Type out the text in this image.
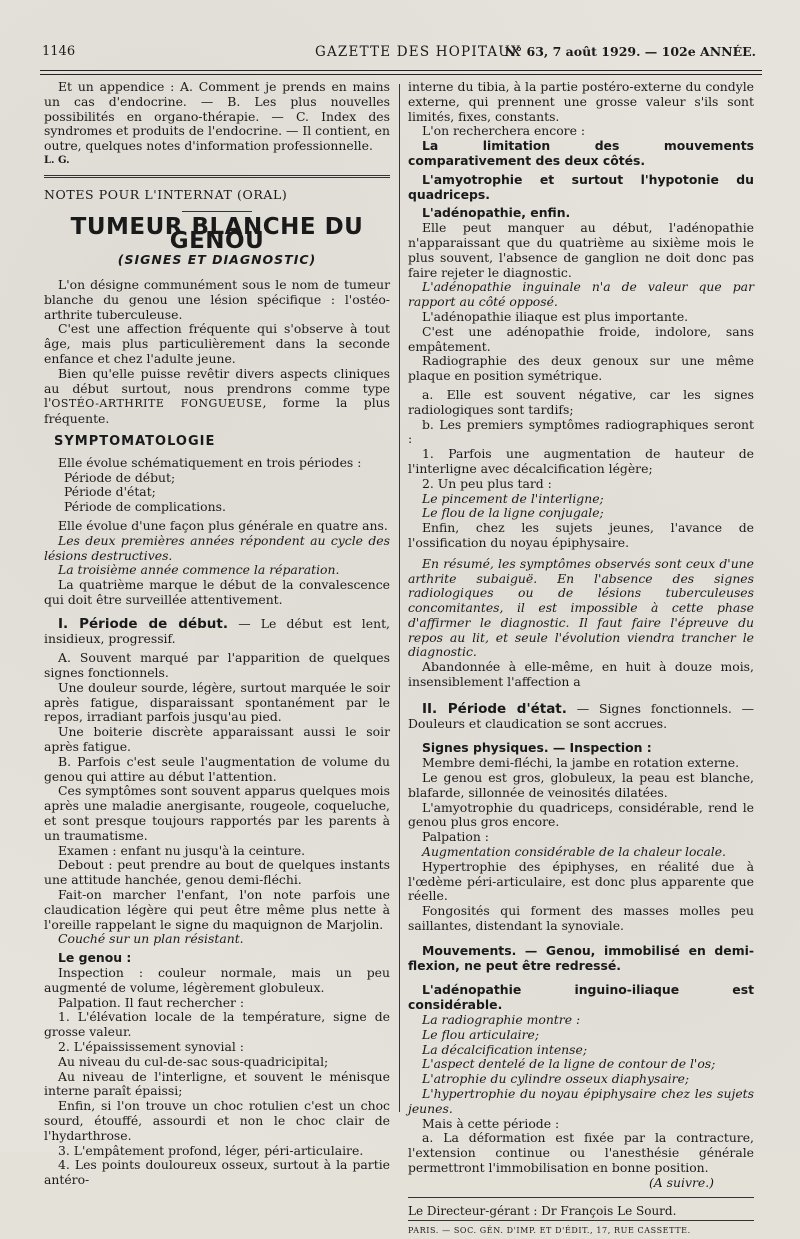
1146	GAZETTE DES HOPITAUX
N° 63, 7 août 1929. — 102e ANNÉE.

Et un appendice : A. Comment je prends en mains un cas d'endocrine. — B. Les plus nouvelles possibilités en organo-thérapie. — C. Index des syndromes et produits de l'endocrine. — Il contient, en outre, quelques notes d'information professionnelle.

L. G.

NOTES POUR L'INTERNAT (ORAL)

TUMEUR BLANCHE DU GENOU

(SIGNES ET DIAGNOSTIC)

L'on désigne communément sous le nom de tumeur blanche du genou une lésion spécifique : l'ostéo-arthrite tuberculeuse.

C'est une affection fréquente qui s'observe à tout âge, mais plus particulièrement dans la seconde enfance et chez l'adulte jeune.

Bien qu'elle puisse revêtir divers aspects cliniques au début surtout, nous prendrons comme type l'OSTÉO-ARTHRITE FONGUEUSE, forme la plus fréquente.

SYMPTOMATOLOGIE

Elle évolue schématiquement en trois périodes :

Période de début;

Période d'état;

Période de complications.

Elle évolue d'une façon plus générale en quatre ans.

Les deux premières années répondent au cycle des lésions destructives.

La troisième année commence la réparation.

La quatrième marque le début de la convalescence qui doit être surveillée attentivement.

I. Période de début. — Le début est lent, insidieux, progressif.

A. Souvent marqué par l'apparition de quelques signes fonctionnels.

Une douleur sourde, légère, surtout marquée le soir après fatigue, disparaissant spontanément par le repos, irradiant parfois jusqu'au pied.

Une boiterie discrète apparaissant aussi le soir après fatigue.

B. Parfois c'est seule l'augmentation de volume du genou qui attire au début l'attention.

Ces symptômes sont souvent apparus quelques mois après une maladie anergisante, rougeole, coqueluche, et sont presque toujours rapportés par les parents à un traumatisme.

Examen : enfant nu jusqu'à la ceinture.

Debout : peut prendre au bout de quelques instants une attitude hanchée, genou demi-fléchi.

Fait-on marcher l'enfant, l'on note parfois une claudication légère qui peut être même plus nette à l'oreille rappelant le signe du maquignon de Marjolin.

Couché sur un plan résistant.

Le genou :

Inspection : couleur normale, mais un peu augmenté de volume, légèrement globuleux.

Palpation. Il faut rechercher :

1. L'élévation locale de la température, signe de grosse valeur.

2. L'épaississement synovial :

Au niveau du cul-de-sac sous-quadricipital;

Au niveau de l'interligne, et souvent le ménisque interne paraît épaissi;

Enfin, si l'on trouve un choc rotulien c'est un choc sourd, étouffé, assourdi et non le choc clair de l'hydarthrose.

3. L'empâtement profond, léger, péri-articulaire.

4. Les points douloureux osseux, surtout à la partie antéro-

interne du tibia, à la partie postéro-externe du condyle externe, qui prennent une grosse valeur s'ils sont limités, fixes, constants.

L'on recherchera encore :

La limitation des mouvements comparativement des deux côtés.

L'amyotrophie et surtout l'hypotonie du quadriceps.

L'adénopathie, enfin.

Elle peut manquer au début, l'adénopathie n'apparaissant que du quatrième au sixième mois le plus souvent, l'absence de ganglion ne doit donc pas faire rejeter le diagnostic.

L'adénopathie inguinale n'a de valeur que par rapport au côté opposé.

L'adénopathie iliaque est plus importante.

C'est une adénopathie froide, indolore, sans empâtement.

Radiographie des deux genoux sur une même plaque en position symétrique.

a. Elle est souvent négative, car les signes radiologiques sont tardifs;

b. Les premiers symptômes radiographiques seront :

1. Parfois une augmentation de hauteur de l'interligne avec décalcification légère;

2. Un peu plus tard :

Le pincement de l'interligne;

Le flou de la ligne conjugale;

Enfin, chez les sujets jeunes, l'avance de l'ossification du noyau épiphysaire.

En résumé, les symptômes observés sont ceux d'une arthrite subaiguë. En l'absence des signes radiologiques ou de lésions tuberculeuses concomitantes, il est impossible à cette phase d'affirmer le diagnostic. Il faut faire l'épreuve du repos au lit, et seule l'évolution viendra trancher le diagnostic.

Abandonnée à elle-même, en huit à douze mois, insensiblement l'affection a

II. Période d'état. — Signes fonctionnels. — Douleurs et claudication se sont accrues.

Signes physiques. — Inspection :

Membre demi-fléchi, la jambe en rotation externe.

Le genou est gros, globuleux, la peau est blanche, blafarde, sillonnée de veinosités dilatées.

L'amyotrophie du quadriceps, considérable, rend le genou plus gros encore.

Palpation :

Augmentation considérable de la chaleur locale.

Hypertrophie des épiphyses, en réalité due à l'œdème péri-articulaire, est donc plus apparente que réelle.

Fongosités qui forment des masses molles peu saillantes, distendant la synoviale.

Mouvements. — Genou, immobilisé en demi-flexion, ne peut être redressé.

L'adénopathie inguino-iliaque est considérable.

La radiographie montre :

Le flou articulaire;

La décalcification intense;

L'aspect dentelé de la ligne de contour de l'os;

L'atrophie du cylindre osseux diaphysaire;

L'hypertrophie du noyau épiphysaire chez les sujets jeunes.

Mais à cette période :

a. La déformation est fixée par la contracture, l'extension continue ou l'anesthésie générale permettront l'immobilisation en bonne position.

(A suivre.)

Le Directeur-gérant : Dr François Le Sourd.

PARIS. — SOC. GÉN. D'IMP. ET D'ÉDIT., 17, RUE CASSETTE.
